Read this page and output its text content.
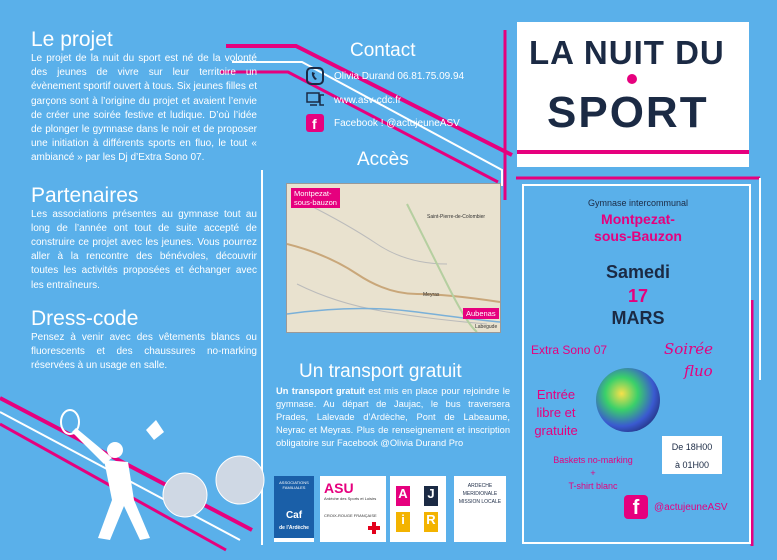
Le projet

Le projet de la nuit du sport est né de la volonté des jeunes de vivre sur leur territoire un évènement sportif ouvert à tous. Six jeunes filles et garçons sont à l’origine du projet et avaient l’envie de créer une soirée festive et ludique. D’où l’idée de plonger le gymnase dans le noir et de proposer une initiation à différents sports en fluo, le tout « ambiancé » par les Dj d’Extra Sono 07.

Partenaires

Les associations présentes au gymnase tout au long de l’année ont tout de suite accepté de construire ce projet avec les jeunes. Vous pourrez aller à la rencontre des bénévoles, découvrir toutes les activités proposées et échanger avec les entraîneurs.

Dress-code

Pensez à venir avec des vêtements blancs ou fluorescents et des chaussures no-marking réservées à un usage en salle.

Contact
Olivia Durand 06.81.75.09.94
www.asv-cdc.fr
f Facebook ! @actujeuneASV
Accès
Montpezat-
sous-bauzon
Aubenas
Saint-Pierre-de-Colombier
Meyras
Labegude
Un transport gratuit

Un transport gratuit est mis en place pour rejoindre le gymnase. Au départ de Jaujac, le bus traversera Prades, Lalevade d’Ardèche, Pont de Labeaume, Neyrac et Meyras. Plus de renseignement et inscription obligatoire sur Facebook @Olivia Durand Pro

ASSOCIATIONS FAMILIALES
Caf
de l'Ardèche
ASU
Ardèche des Sports et Loisirs
CROIX-ROUGE FRANÇAISE
A J
i	R
ARDECHE MERIDIONALE MISSION LOCALE
LA NUIT DU
SPORT
Gymnase intercommunal
Montpezat-
sous-Bauzon
Samedi
17
MARS
Extra Sono 07	Soirée
fluo
Entrée
libre et
gratuite
De 18H00
à 01H00
Baskets no-marking
+
T-shirt blanc
f	@actujeuneASV
